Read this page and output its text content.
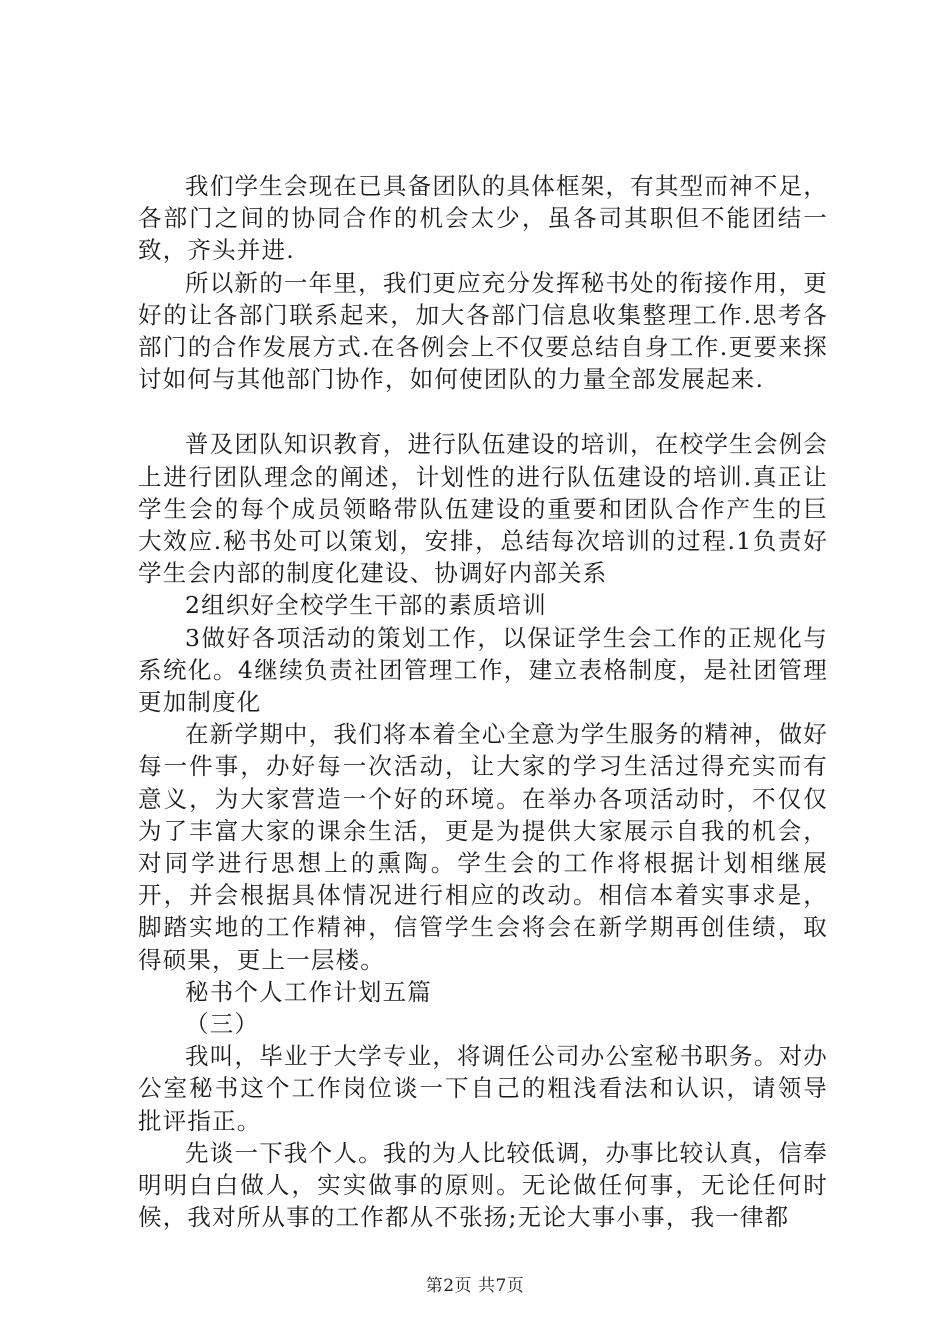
我们学生会现在已具备团队的具体框架，有其型而神不足，各部门之间的协同合作的机会太少，虽各司其职但不能团结一致，齐头并进.

所以新的一年里，我们更应充分发挥秘书处的衔接作用，更好的让各部门联系起来，加大各部门信息收集整理工作.思考各部门的合作发展方式.在各例会上不仅要总结自身工作.更要来探讨如何与其他部门协作，如何使团队的力量全部发展起来.

普及团队知识教育，进行队伍建设的培训，在校学生会例会上进行团队理念的阐述，计划性的进行队伍建设的培训.真正让学生会的每个成员领略带队伍建设的重要和团队合作产生的巨大效应.秘书处可以策划，安排，总结每次培训的过程.1负责好学生会内部的制度化建设、协调好内部关系

2组织好全校学生干部的素质培训

3做好各项活动的策划工作，以保证学生会工作的正规化与系统化。4继续负责社团管理工作，建立表格制度，是社团管理更加制度化

在新学期中，我们将本着全心全意为学生服务的精神，做好每一件事，办好每一次活动，让大家的学习生活过得充实而有意义，为大家营造一个好的环境。在举办各项活动时，不仅仅为了丰富大家的课余生活，更是为提供大家展示自我的机会，对同学进行思想上的熏陶。学生会的工作将根据计划相继展开，并会根据具体情况进行相应的改动。相信本着实事求是，脚踏实地的工作精神，信管学生会将会在新学期再创佳绩，取得硕果，更上一层楼。

秘书个人工作计划五篇

（三）

我叫，毕业于大学专业，将调任公司办公室秘书职务。对办公室秘书这个工作岗位谈一下自己的粗浅看法和认识，请领导批评指正。

先谈一下我个人。我的为人比较低调，办事比较认真，信奉明明白白做人，实实做事的原则。无论做任何事，无论任何时候，我对所从事的工作都从不张扬;无论大事小事，我一律都

第2页 共7页
